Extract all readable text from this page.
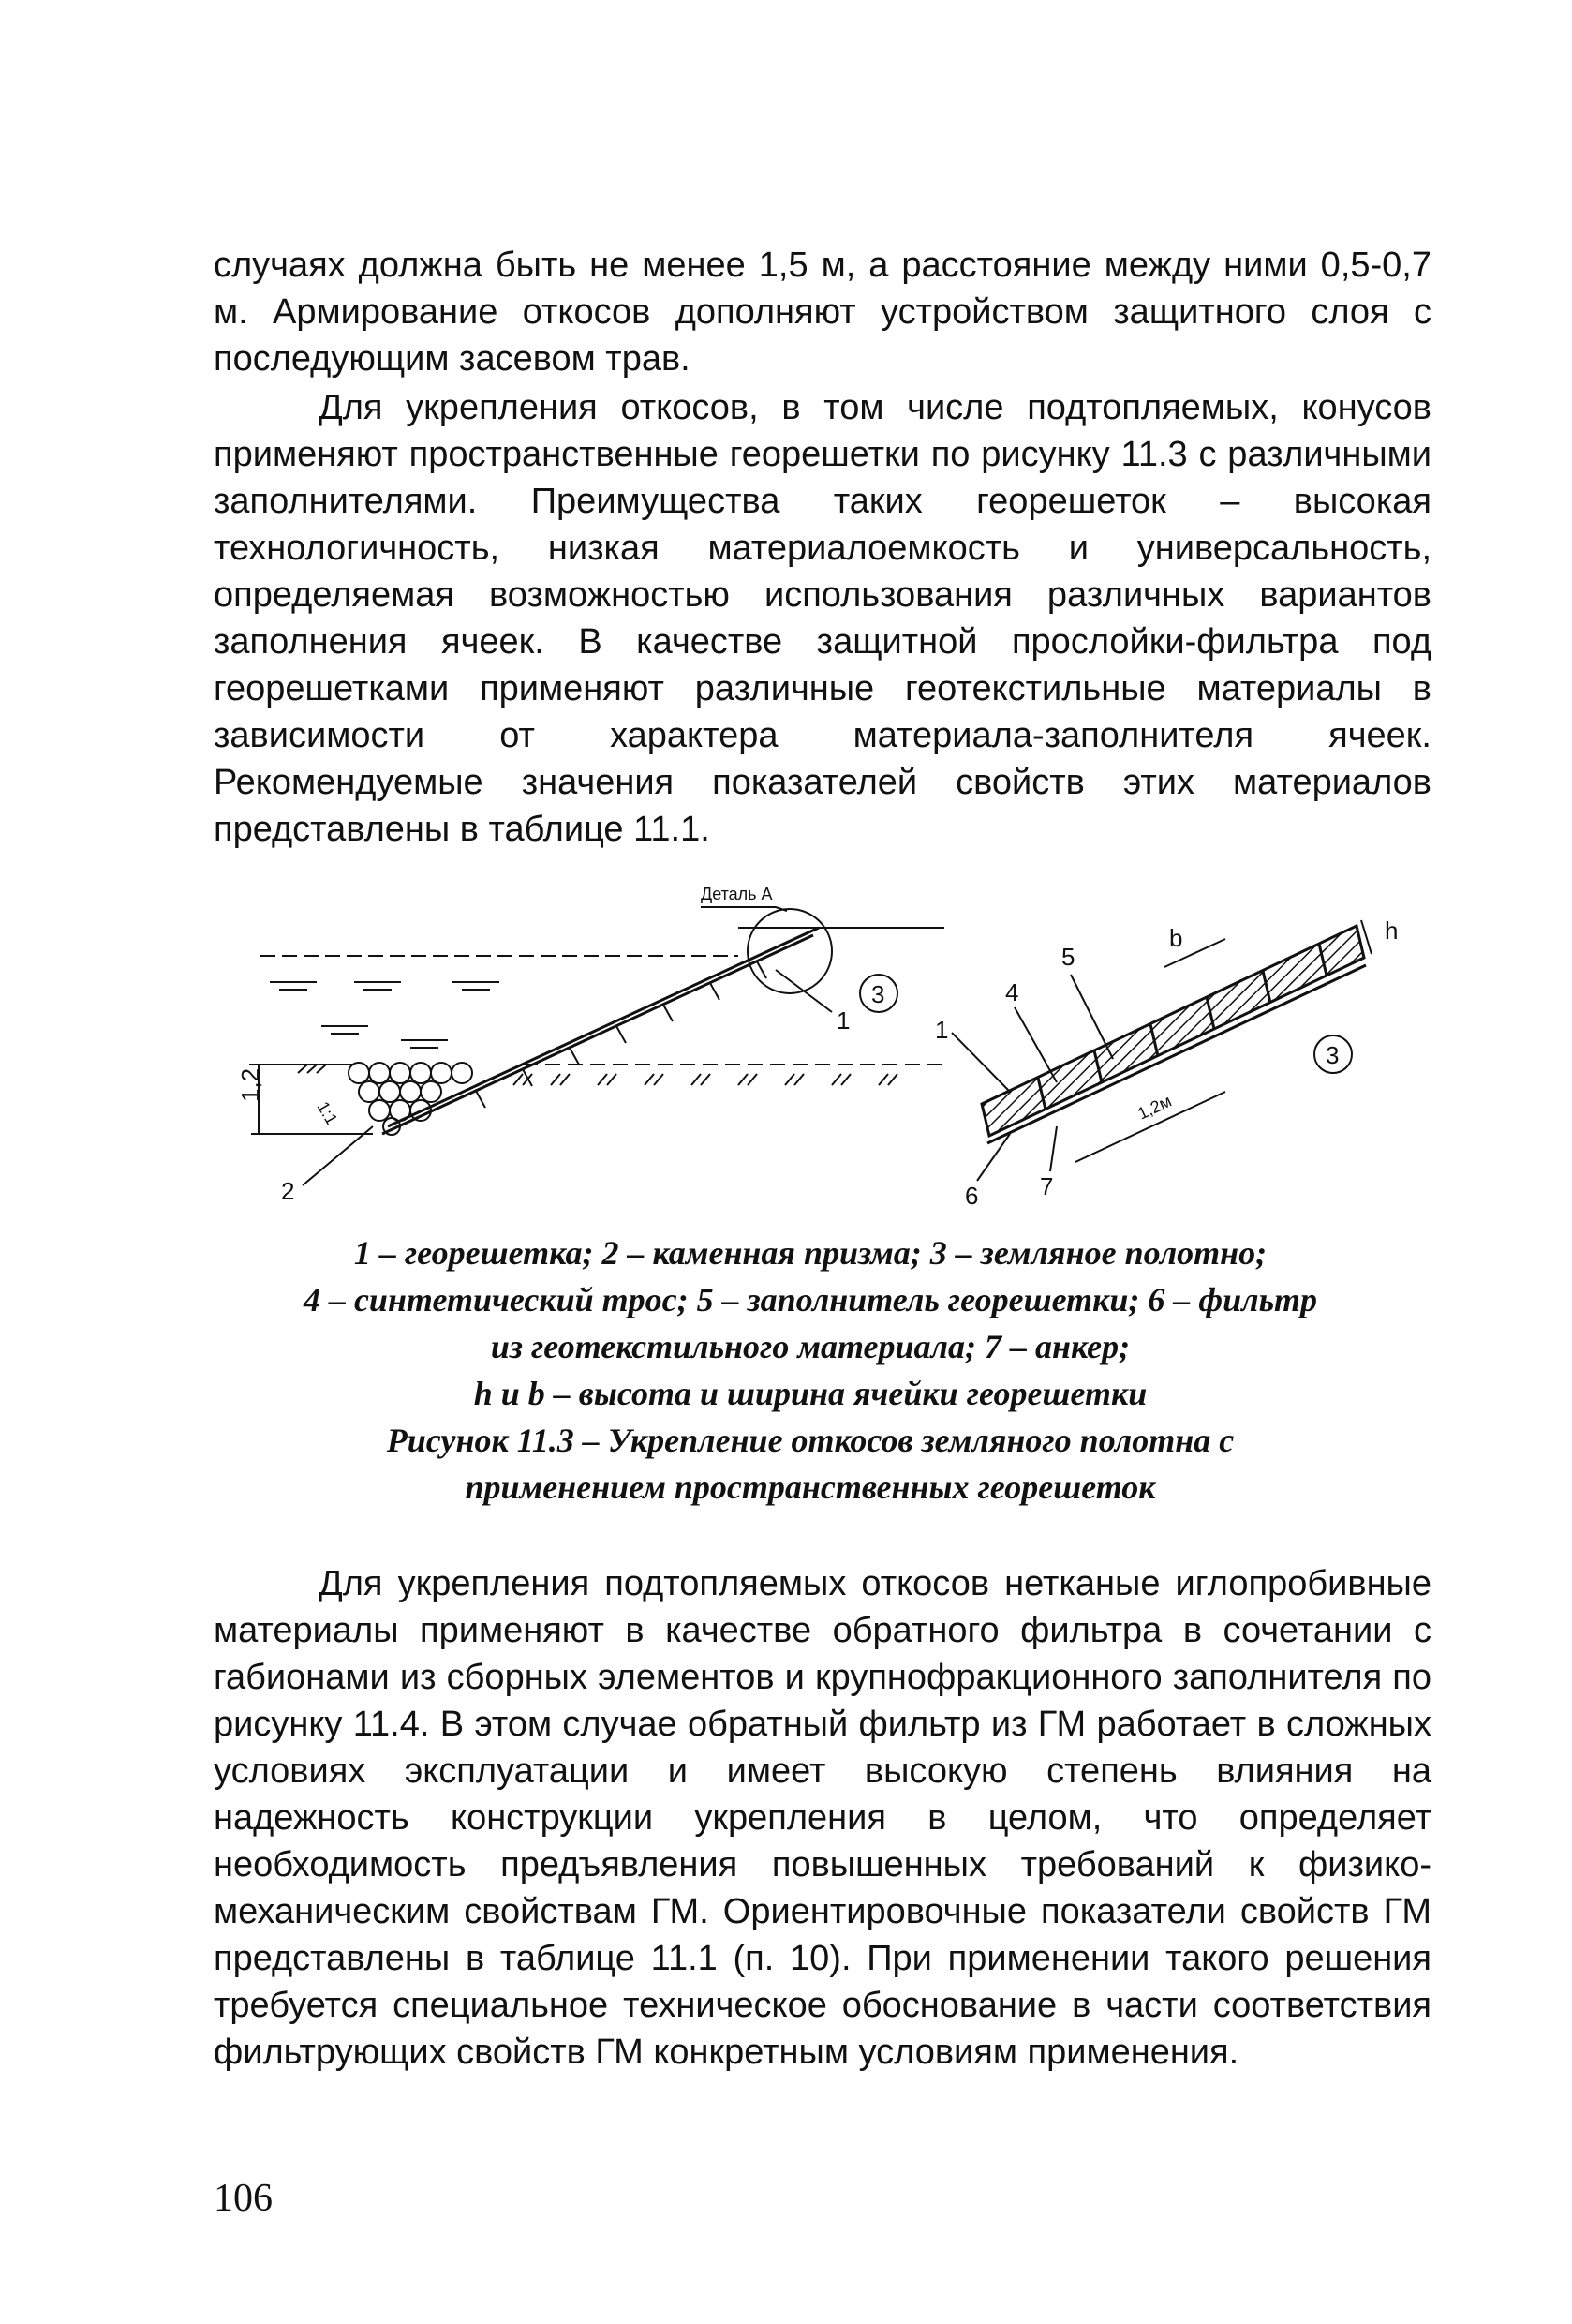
случаях должна быть не менее 1,5 м, а расстояние между ними 0,5-0,7 м. Армирование откосов дополняют устройством защитного слоя с последующим засевом трав.

Для укрепления откосов, в том числе подтопляемых, конусов применяют пространственные георешетки по рисунку 11.3 с различными заполнителями. Преимущества таких георешеток – высокая технологичность, низкая материалоемкость и универсальность, определяемая возможностью использования различных вариантов заполнения ячеек. В качестве защитной прослойки-фильтра под георешетками применяют различные геотекстильные материалы в зависимости от характера материала-заполнителя ячеек. Рекомендуемые значения показателей свойств этих материалов представлены в таблице 11.1.

1,2
1:1
Деталь А
1
3
2
4
5
1
6	7
b	h
1,2м
3
1 – георешетка; 2 – каменная призма; 3 – земляное полотно;
4 – синтетический трос; 5 – заполнитель георешетки; 6 – фильтр
из геотекстильного материала; 7 – анкер;
h и b – высота и ширина ячейки георешетки
Рисунок 11.3 – Укрепление откосов земляного полотна с
применением пространственных георешеток

Для укрепления подтопляемых откосов нетканые иглопробивные материалы применяют в качестве обратного фильтра в сочетании с габионами из сборных элементов и крупнофракционного заполнителя по рисунку 11.4. В этом случае обратный фильтр из ГМ работает в сложных условиях эксплуатации и имеет высокую степень влияния на надежность конструкции укрепления в целом, что определяет необходимость предъявления повышенных требований к физико-механическим свойствам ГМ. Ориентировочные показатели свойств ГМ представлены в таблице 11.1 (п. 10). При применении такого решения требуется специальное техническое обоснование в части соответствия фильтрующих свойств ГМ конкретным условиям применения.

106
